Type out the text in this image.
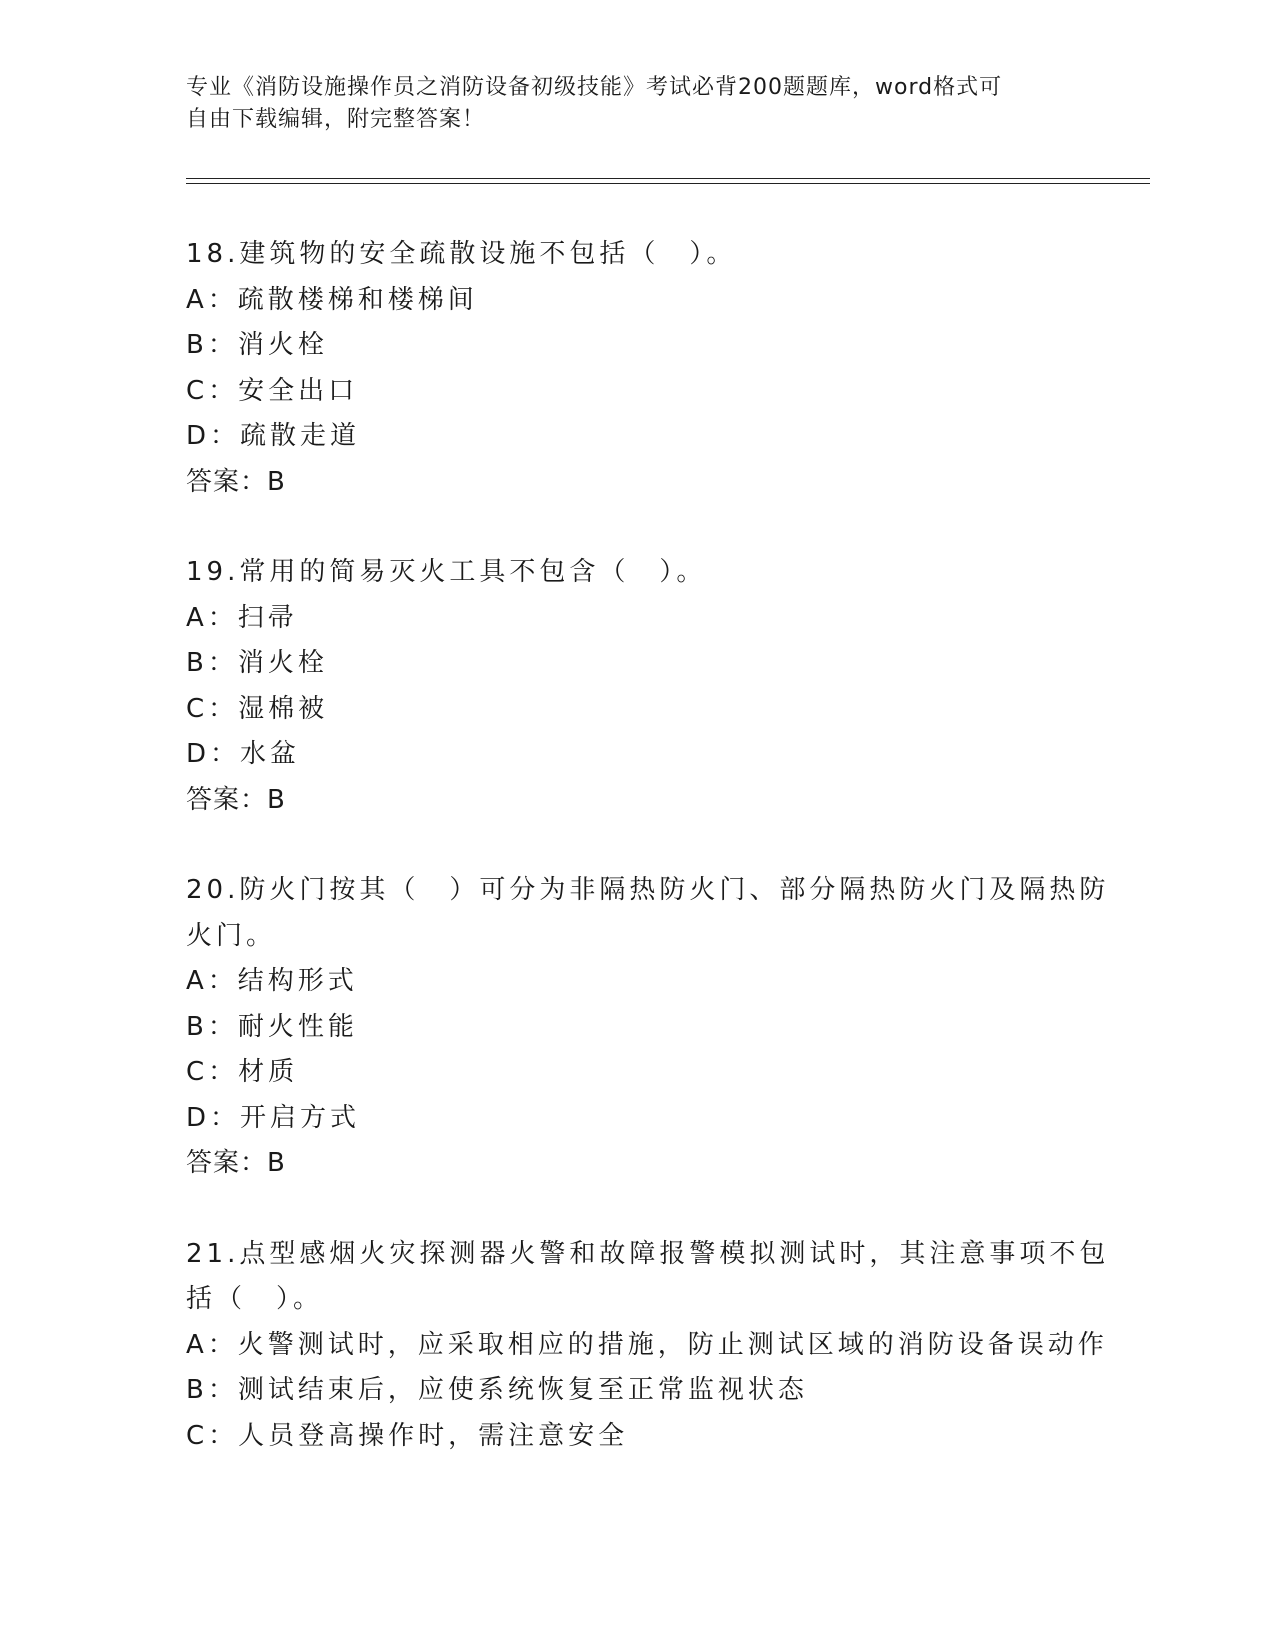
专业《消防设施操作员之消防设备初级技能》考试必背200题题库，word格式可
自由下载编辑，附完整答案！
18.建筑物的安全疏散设施不包括（　）。
A：疏散楼梯和楼梯间
B：消火栓
C：安全出口
D：疏散走道
答案：B
19.常用的简易灭火工具不包含（　）。
A：扫帚
B：消火栓
C：湿棉被
D：水盆
答案：B
20.防火门按其（　）可分为非隔热防火门、部分隔热防火门及隔热防
火门。
A：结构形式
B：耐火性能
C：材质
D：开启方式
答案：B
21.点型感烟火灾探测器火警和故障报警模拟测试时，其注意事项不包
括（　）。
A：火警测试时，应采取相应的措施，防止测试区域的消防设备误动作
B：测试结束后，应使系统恢复至正常监视状态
C：人员登高操作时，需注意安全
